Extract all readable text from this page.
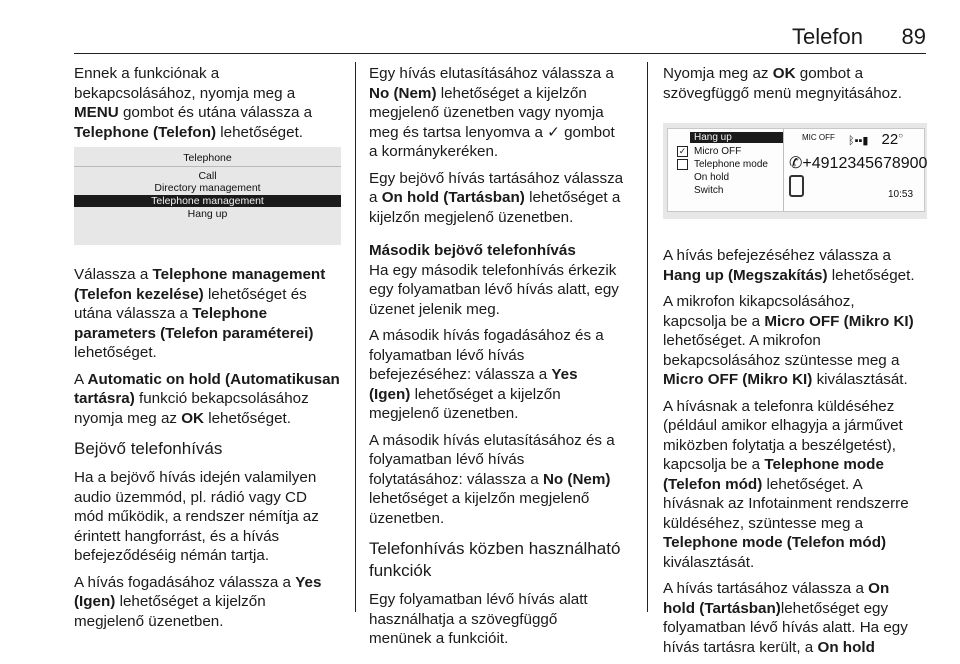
Telefon	89

Ennek a funkciónak a
bekapcsolásához, nyomja meg a
MENU gombot és utána válassza a
Telephone (Telefon) lehetőséget.

Válassza a Telephone management
(Telefon kezelése) lehetőséget és
utána válassza a Telephone
parameters (Telefon paraméterei)
lehetőséget.

A Automatic on hold (Automatikusan
tartásra) funkció bekapcsolásához
nyomja meg az OK lehetőséget.

Bejövő telefonhívás

Ha a bejövő hívás idején valamilyen
audio üzemmód, pl. rádió vagy CD
mód működik, a rendszer némítja az
érintett hangforrást, és a hívás
befejeződéséig némán tartja.

A hívás fogadásához válassza a Yes
(Igen) lehetőséget a kijelzőn
megjelenő üzenetben.

Telephone
Call
Directory management
Telephone management
Hang up

Egy hívás elutasításához válassza a
No (Nem) lehetőséget a kijelzőn
megjelenő üzenetben vagy nyomja
meg és tartsa lenyomva a ✓ gombot
a kormánykeréken.

Egy bejövő hívás tartásához válassza
a On hold (Tartásban) lehetőséget a
kijelzőn megjelenő üzenetben.

Második bejövő telefonhívás

Ha egy második telefonhívás érkezik
egy folyamatban lévő hívás alatt, egy
üzenet jelenik meg.

A második hívás fogadásához és a
folyamatban lévő hívás
befejezéséhez: válassza a Yes
(Igen) lehetőséget a kijelzőn
megjelenő üzenetben.

A második hívás elutasításához és a
folyamatban lévő hívás
folytatásához: válassza a No (Nem)
lehetőséget a kijelzőn megjelenő
üzenetben.

Telefonhívás közben használható
funkciók

Egy folyamatban lévő hívás alatt
használhatja a szövegfüggő
menünek a funkcióit.

Nyomja meg az OK gombot a
szövegfüggő menü megnyitásához.

A hívás befejezéséhez válassza a
Hang up (Megszakítás) lehetőséget.

A mikrofon kikapcsolásához,
kapcsolja be a Micro OFF (Mikro KI)
lehetőséget. A mikrofon
bekapcsolásához szüntesse meg a
Micro OFF (Mikro KI) kiválasztását.

A hívásnak a telefonra küldéséhez
(például amikor elhagyja a járművet
miközben folytatja a beszélgetést),
kapcsolja be a Telephone mode
(Telefon mód) lehetőséget. A
hívásnak az Infotainment rendszerre
küldéséhez, szüntesse meg a
Telephone mode (Telefon mód)
kiválasztását.

A hívás tartásához válassza a On
hold (Tartásban)lehetőséget egy
folyamatban lévő hívás alatt. Ha egy
hívás tartásra került, a On hold

Hang up
✓ Micro OFF
Telephone mode
On hold
Switch
MIC OFF ᛒ▪▪▮ 22○
✆+4912345678900
10:53
